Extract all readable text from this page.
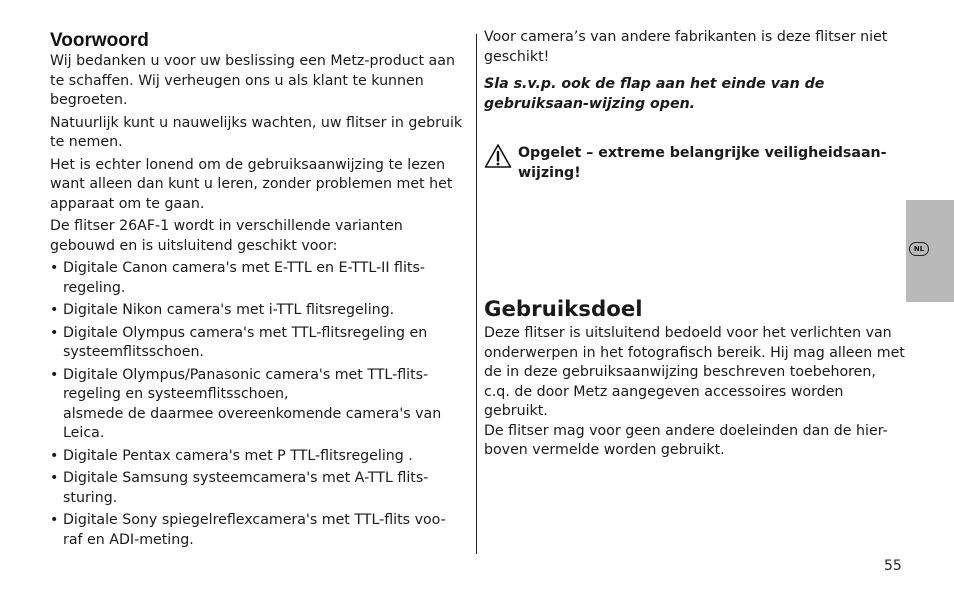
Voorwoord

Wij bedanken u voor uw beslissing een Metz-product aan te schaffen. Wij verheugen ons u als klant te kunnen begroeten.

Natuurlijk kunt u nauwelijks wachten, uw flitser in gebruik te nemen.

Het is echter lonend om de gebruiksaanwijzing te lezen want alleen dan kunt u leren, zonder problemen met het apparaat om te gaan.

De flitser 26AF-1 wordt in verschillende varianten gebouwd en is uitsluitend geschikt voor:

• Digitale Canon camera's met E-TTL en E-TTL-II flits-
regeling.
• Digitale Nikon camera's met i-TTL flitsregeling.
• Digitale Olympus camera's met TTL-flitsregeling en systeemflitsschoen.
• Digitale Olympus/Panasonic camera's met TTL-flits-
regeling en systeemflitsschoen,
alsmede de daarmee overeenkomende camera's van Leica.
• Digitale Pentax camera's met P TTL-flitsregeling .
• Digitale Samsung systeemcamera's met A-TTL flits-
sturing.
• Digitale Sony spiegelreflexcamera's met TTL-flits voo-
raf en ADI-meting.

Voor camera’s van andere fabrikanten is deze flitser niet geschikt!

Sla s.v.p. ook de flap aan het einde van de gebruiksaan-wijzing open.

Opgelet – extreme belangrijke veiligheidsaan-wijzing!
Gebruiksdoel

Deze flitser is uitsluitend bedoeld voor het verlichten van onderwerpen in het fotografisch bereik. Hij mag alleen met de in deze gebruiksaanwijzing beschreven toebehoren, c.q. de door Metz aangegeven accessoires worden gebruikt.
De flitser mag voor geen andere doeleinden dan de hier-boven vermelde worden gebruikt.

NL
55
